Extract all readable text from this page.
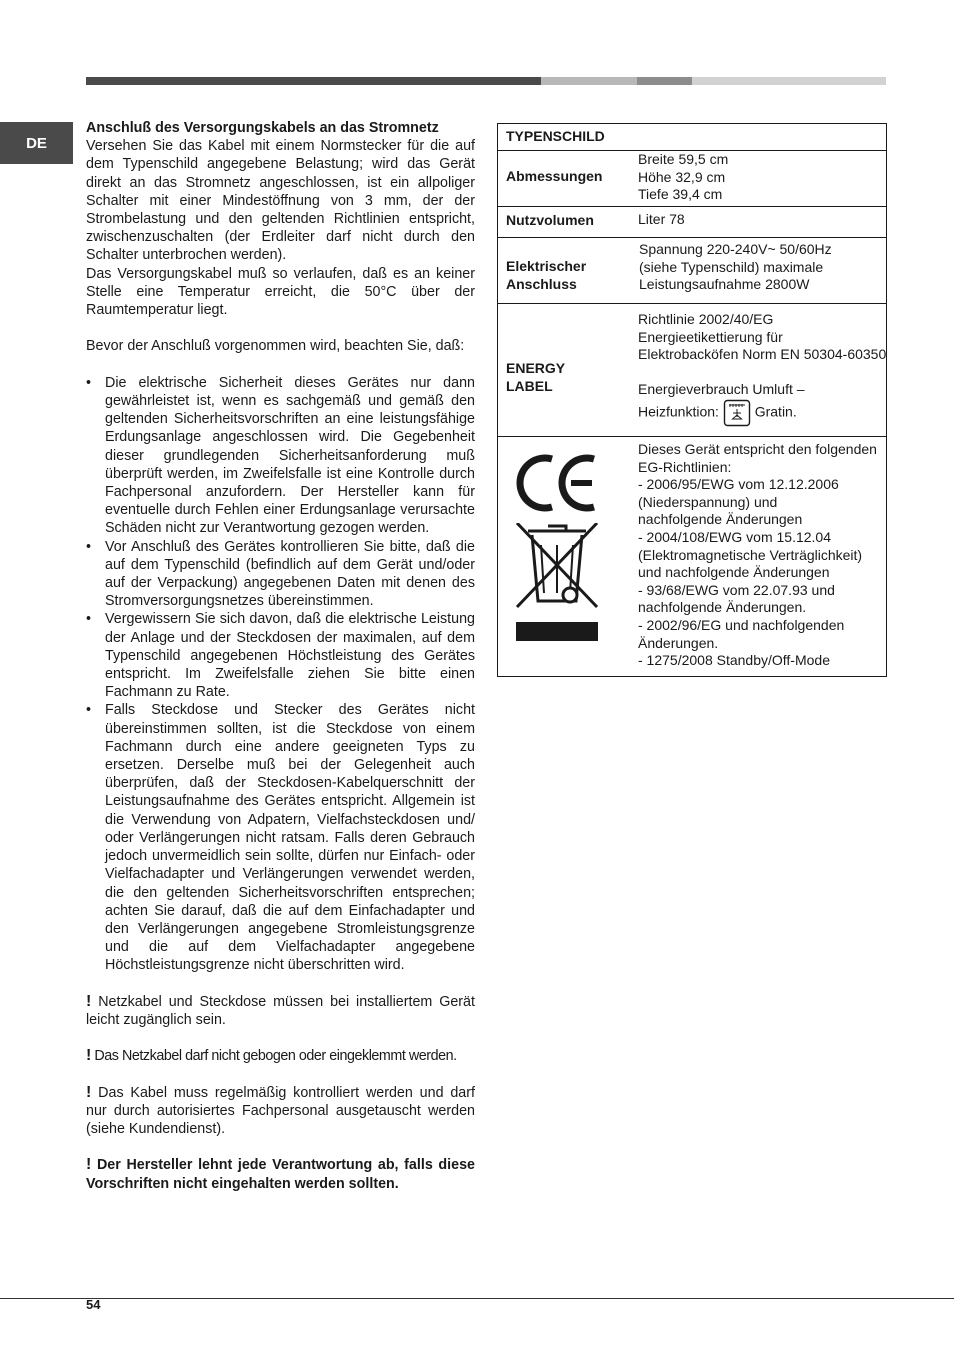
DE

Anschluß des Versorgungskabels an das Stromnetz

Versehen Sie das Kabel mit einem Normstecker für die auf dem Typenschild angegebene Belastung; wird das Gerät direkt an das Stromnetz angeschlossen, ist ein allpoliger Schalter mit einer Mindestöffnung von 3 mm, der der Strombelastung und den geltenden Richtlinien entspricht, zwischenzuschalten (der Erdleiter darf nicht durch den Schalter unterbrochen werden).

Das Versorgungskabel muß so verlaufen, daß es an keiner Stelle eine Temperatur erreicht, die 50°C über der Raumtemperatur liegt.

Bevor der Anschluß vorgenommen wird, beachten Sie, daß:

• Die elektrische Sicherheit dieses Gerätes nur dann gewährleistet ist, wenn es sachgemäß und gemäß den geltenden Sicherheitsvorschriften an eine leistungsfähige Erdungsanlage angeschlossen wird. Die Gegebenheit dieser grundlegenden Sicherheitsanforderung muß überprüft werden, im Zweifelsfalle ist eine Kontrolle durch Fachpersonal anzufordern. Der Hersteller kann für eventuelle durch Fehlen einer Erdungsanlage verursachte Schäden nicht zur Verantwortung gezogen werden.
• Vor Anschluß des Gerätes kontrollieren Sie bitte, daß die auf dem Typenschild (befindlich auf dem Gerät und/oder auf der Verpackung) angegebenen Daten mit denen des Stromversorgungsnetzes übereinstimmen.
• Vergewissern Sie sich davon, daß die elektrische Leistung der Anlage und der Steckdosen der maximalen, auf dem Typenschild angegebenen Höchstleistung des Gerätes entspricht. Im Zweifelsfalle ziehen Sie bitte einen Fachmann zu Rate.
• Falls Steckdose und Stecker des Gerätes nicht übereinstimmen sollten, ist die Steckdose von einem Fachmann durch eine andere geeigneten Typs zu ersetzen. Derselbe muß bei der Gelegenheit auch überprüfen, daß der Steckdosen-Kabelquerschnitt der Leistungsaufnahme des Gerätes entspricht. Allgemein ist die Verwendung von Adpatern, Vielfachsteckdosen und/ oder Verlängerungen nicht ratsam. Falls deren Gebrauch jedoch unvermeidlich sein sollte, dürfen nur Einfach- oder Vielfachadapter und Verlängerungen verwendet werden, die den geltenden Sicherheitsvorschriften entsprechen; achten Sie darauf, daß die auf dem Einfachadapter und den Verlängerungen angegebene Stromleistungsgrenze und die auf dem Vielfachadapter angegebene Höchstleistungsgrenze nicht überschritten wird.

! Netzkabel und Steckdose müssen bei installiertem Gerät leicht zugänglich sein.

! Das Netzkabel darf nicht gebogen oder eingeklemmt werden.

! Das Kabel muss regelmäßig kontrolliert werden und darf nur durch autorisiertes Fachpersonal ausgetauscht werden (siehe Kundendienst).

! Der Hersteller lehnt jede Verantwortung ab, falls diese Vorschriften nicht eingehalten werden sollten.

TYPENSCHILD
Abmessungen

Breite 59,5 cm

Höhe 32,9 cm

Tiefe 39,4 cm

Nutzvolumen	Liter 78

Elektrischer
Anschluss

Spannung 220-240V~ 50/60Hz

(siehe Typenschild) maximale

Leistungsaufnahme 2800W

ENERGY
LABEL

Richtlinie 2002/40/EG

Energieetikettierung für

Elektrobacköfen Norm EN 50304-60350

Energieverbrauch Umluft –

Heizfunktion:	Gratin.

Dieses Gerät entspricht den folgenden

EG-Richtlinien:

- 2006/95/EWG vom 12.12.2006

(Niederspannung) und

nachfolgende Änderungen

- 2004/108/EWG vom 15.12.04

(Elektromagnetische Verträglichkeit)

und nachfolgende Änderungen

- 93/68/EWG vom 22.07.93 und

nachfolgende Änderungen.

- 2002/96/EG und nachfolgenden

Änderungen.

- 1275/2008 Standby/Off-Mode

54
